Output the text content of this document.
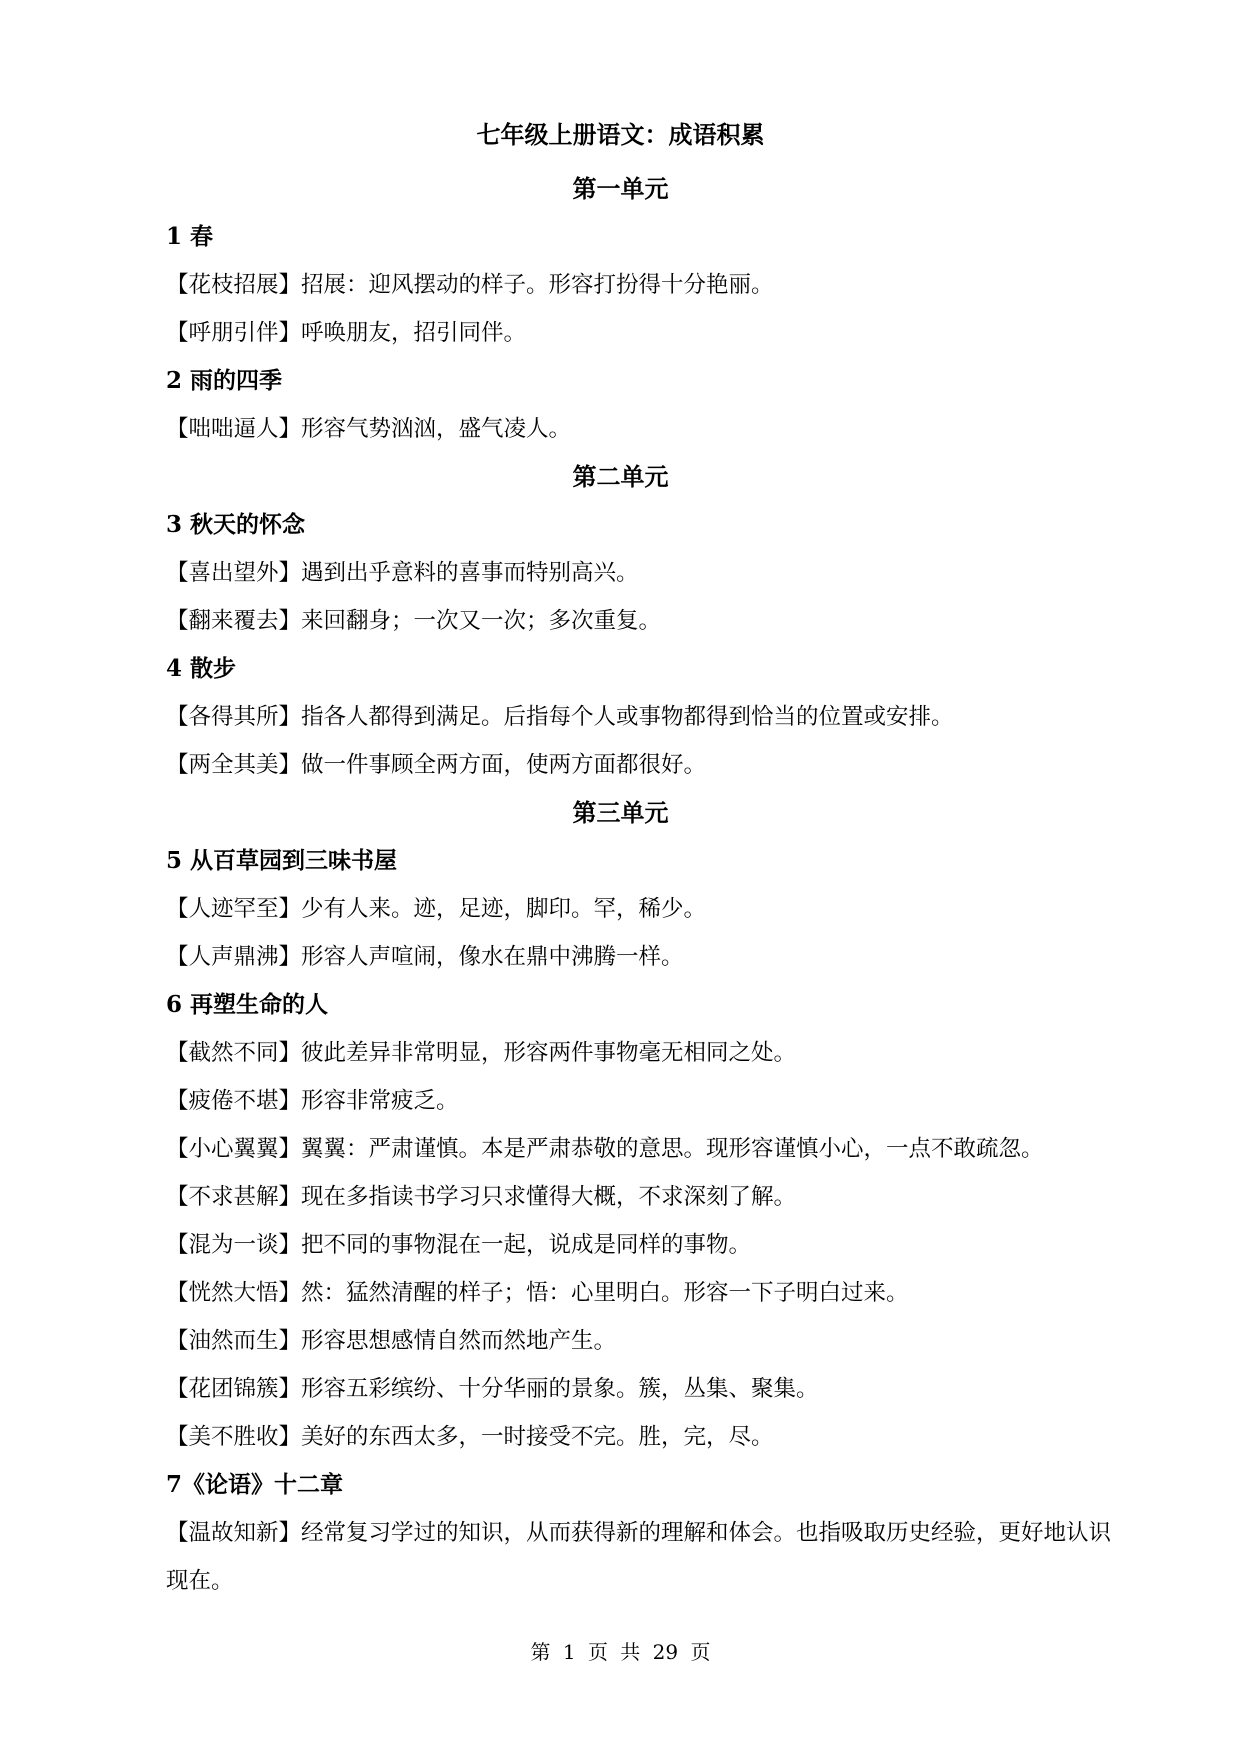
七年级上册语文：成语积累
第一单元
1 春
【花枝招展】招展：迎风摆动的样子。形容打扮得十分艳丽。
【呼朋引伴】呼唤朋友，招引同伴。
2 雨的四季
【咄咄逼人】形容气势汹汹，盛气凌人。
第二单元
3 秋天的怀念
【喜出望外】遇到出乎意料的喜事而特别高兴。
【翻来覆去】来回翻身；一次又一次；多次重复。
4 散步
【各得其所】指各人都得到满足。后指每个人或事物都得到恰当的位置或安排。
【两全其美】做一件事顾全两方面，使两方面都很好。
第三单元
5 从百草园到三味书屋
【人迹罕至】少有人来。迹，足迹，脚印。罕，稀少。
【人声鼎沸】形容人声喧闹，像水在鼎中沸腾一样。
6 再塑生命的人
【截然不同】彼此差异非常明显，形容两件事物毫无相同之处。
【疲倦不堪】形容非常疲乏。
【小心翼翼】翼翼：严肃谨慎。本是严肃恭敬的意思。现形容谨慎小心，一点不敢疏忽。
【不求甚解】现在多指读书学习只求懂得大概，不求深刻了解。
【混为一谈】把不同的事物混在一起，说成是同样的事物。
【恍然大悟】然：猛然清醒的样子；悟：心里明白。形容一下子明白过来。
【油然而生】形容思想感情自然而然地产生。
【花团锦簇】形容五彩缤纷、十分华丽的景象。簇，丛集、聚集。
【美不胜收】美好的东西太多，一时接受不完。胜，完，尽。
7《论语》十二章
【温故知新】经常复习学过的知识，从而获得新的理解和体会。也指吸取历史经验，更好地认识现在。
第 1 页 共 29 页
